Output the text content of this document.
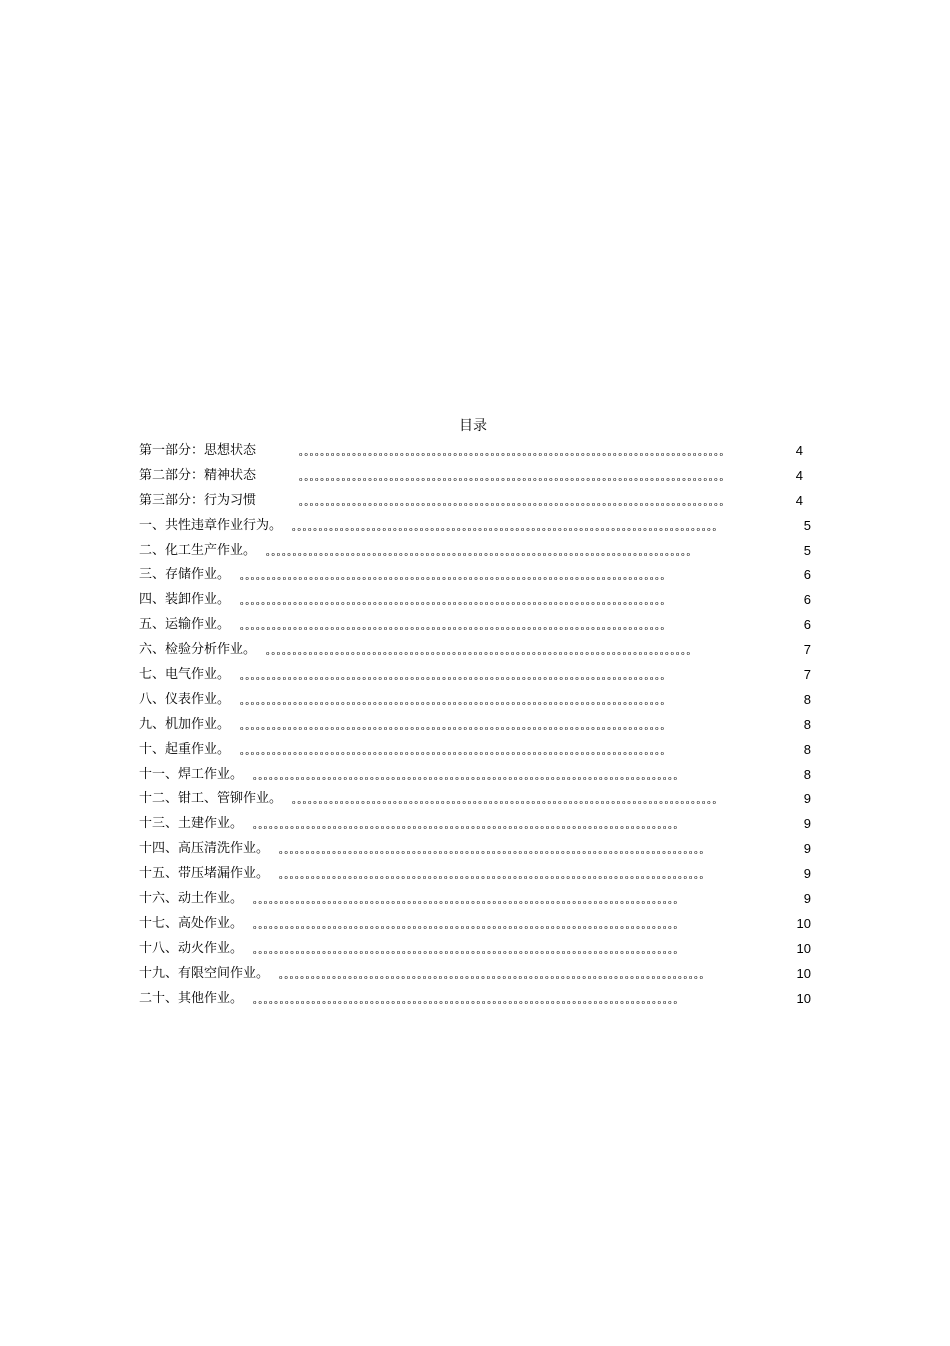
目录
第一部分：思想状态 ₒₒₒₒₒₒₒₒₒₒₒₒₒₒₒₒₒₒₒₒₒₒₒₒₒₒₒₒₒₒₒₒₒₒₒₒₒₒₒₒₒₒₒₒₒₒₒₒₒₒₒₒₒₒₒₒₒₒₒₒₒₒₒₒₒₒₒₒₒₒₒₒₒₒₒₒₒₒₒₒ	4
第二部分：精神状态 ₒₒₒₒₒₒₒₒₒₒₒₒₒₒₒₒₒₒₒₒₒₒₒₒₒₒₒₒₒₒₒₒₒₒₒₒₒₒₒₒₒₒₒₒₒₒₒₒₒₒₒₒₒₒₒₒₒₒₒₒₒₒₒₒₒₒₒₒₒₒₒₒₒₒₒₒₒₒₒₒ	4
第三部分：行为习惯 ₒₒₒₒₒₒₒₒₒₒₒₒₒₒₒₒₒₒₒₒₒₒₒₒₒₒₒₒₒₒₒₒₒₒₒₒₒₒₒₒₒₒₒₒₒₒₒₒₒₒₒₒₒₒₒₒₒₒₒₒₒₒₒₒₒₒₒₒₒₒₒₒₒₒₒₒₒₒₒₒ	4
一、共性违章作业行为。 ₒₒₒₒₒₒₒₒₒₒₒₒₒₒₒₒₒₒₒₒₒₒₒₒₒₒₒₒₒₒₒₒₒₒₒₒₒₒₒₒₒₒₒₒₒₒₒₒₒₒₒₒₒₒₒₒₒₒₒₒₒₒₒₒₒₒₒₒₒₒₒₒₒₒₒₒₒₒₒₒ	5
二、化工生产作业。 ₒₒₒₒₒₒₒₒₒₒₒₒₒₒₒₒₒₒₒₒₒₒₒₒₒₒₒₒₒₒₒₒₒₒₒₒₒₒₒₒₒₒₒₒₒₒₒₒₒₒₒₒₒₒₒₒₒₒₒₒₒₒₒₒₒₒₒₒₒₒₒₒₒₒₒₒₒₒₒₒ	5
三、存储作业。 ₒₒₒₒₒₒₒₒₒₒₒₒₒₒₒₒₒₒₒₒₒₒₒₒₒₒₒₒₒₒₒₒₒₒₒₒₒₒₒₒₒₒₒₒₒₒₒₒₒₒₒₒₒₒₒₒₒₒₒₒₒₒₒₒₒₒₒₒₒₒₒₒₒₒₒₒₒₒₒₒ	6
四、装卸作业。 ₒₒₒₒₒₒₒₒₒₒₒₒₒₒₒₒₒₒₒₒₒₒₒₒₒₒₒₒₒₒₒₒₒₒₒₒₒₒₒₒₒₒₒₒₒₒₒₒₒₒₒₒₒₒₒₒₒₒₒₒₒₒₒₒₒₒₒₒₒₒₒₒₒₒₒₒₒₒₒₒ	6
五、运输作业。 ₒₒₒₒₒₒₒₒₒₒₒₒₒₒₒₒₒₒₒₒₒₒₒₒₒₒₒₒₒₒₒₒₒₒₒₒₒₒₒₒₒₒₒₒₒₒₒₒₒₒₒₒₒₒₒₒₒₒₒₒₒₒₒₒₒₒₒₒₒₒₒₒₒₒₒₒₒₒₒₒ	6
六、检验分析作业。 ₒₒₒₒₒₒₒₒₒₒₒₒₒₒₒₒₒₒₒₒₒₒₒₒₒₒₒₒₒₒₒₒₒₒₒₒₒₒₒₒₒₒₒₒₒₒₒₒₒₒₒₒₒₒₒₒₒₒₒₒₒₒₒₒₒₒₒₒₒₒₒₒₒₒₒₒₒₒₒₒ	7
七、电气作业。 ₒₒₒₒₒₒₒₒₒₒₒₒₒₒₒₒₒₒₒₒₒₒₒₒₒₒₒₒₒₒₒₒₒₒₒₒₒₒₒₒₒₒₒₒₒₒₒₒₒₒₒₒₒₒₒₒₒₒₒₒₒₒₒₒₒₒₒₒₒₒₒₒₒₒₒₒₒₒₒₒ	7
八、仪表作业。 ₒₒₒₒₒₒₒₒₒₒₒₒₒₒₒₒₒₒₒₒₒₒₒₒₒₒₒₒₒₒₒₒₒₒₒₒₒₒₒₒₒₒₒₒₒₒₒₒₒₒₒₒₒₒₒₒₒₒₒₒₒₒₒₒₒₒₒₒₒₒₒₒₒₒₒₒₒₒₒₒ	8
九、机加作业。 ₒₒₒₒₒₒₒₒₒₒₒₒₒₒₒₒₒₒₒₒₒₒₒₒₒₒₒₒₒₒₒₒₒₒₒₒₒₒₒₒₒₒₒₒₒₒₒₒₒₒₒₒₒₒₒₒₒₒₒₒₒₒₒₒₒₒₒₒₒₒₒₒₒₒₒₒₒₒₒₒ	8
十、起重作业。 ₒₒₒₒₒₒₒₒₒₒₒₒₒₒₒₒₒₒₒₒₒₒₒₒₒₒₒₒₒₒₒₒₒₒₒₒₒₒₒₒₒₒₒₒₒₒₒₒₒₒₒₒₒₒₒₒₒₒₒₒₒₒₒₒₒₒₒₒₒₒₒₒₒₒₒₒₒₒₒₒ	8
十一、焊工作业。 ₒₒₒₒₒₒₒₒₒₒₒₒₒₒₒₒₒₒₒₒₒₒₒₒₒₒₒₒₒₒₒₒₒₒₒₒₒₒₒₒₒₒₒₒₒₒₒₒₒₒₒₒₒₒₒₒₒₒₒₒₒₒₒₒₒₒₒₒₒₒₒₒₒₒₒₒₒₒₒₒ	8
十二、钳工、管铆作业。 ₒₒₒₒₒₒₒₒₒₒₒₒₒₒₒₒₒₒₒₒₒₒₒₒₒₒₒₒₒₒₒₒₒₒₒₒₒₒₒₒₒₒₒₒₒₒₒₒₒₒₒₒₒₒₒₒₒₒₒₒₒₒₒₒₒₒₒₒₒₒₒₒₒₒₒₒₒₒₒₒ	9
十三、土建作业。 ₒₒₒₒₒₒₒₒₒₒₒₒₒₒₒₒₒₒₒₒₒₒₒₒₒₒₒₒₒₒₒₒₒₒₒₒₒₒₒₒₒₒₒₒₒₒₒₒₒₒₒₒₒₒₒₒₒₒₒₒₒₒₒₒₒₒₒₒₒₒₒₒₒₒₒₒₒₒₒₒ	9
十四、高压清洗作业。 ₒₒₒₒₒₒₒₒₒₒₒₒₒₒₒₒₒₒₒₒₒₒₒₒₒₒₒₒₒₒₒₒₒₒₒₒₒₒₒₒₒₒₒₒₒₒₒₒₒₒₒₒₒₒₒₒₒₒₒₒₒₒₒₒₒₒₒₒₒₒₒₒₒₒₒₒₒₒₒₒ	9
十五、带压堵漏作业。 ₒₒₒₒₒₒₒₒₒₒₒₒₒₒₒₒₒₒₒₒₒₒₒₒₒₒₒₒₒₒₒₒₒₒₒₒₒₒₒₒₒₒₒₒₒₒₒₒₒₒₒₒₒₒₒₒₒₒₒₒₒₒₒₒₒₒₒₒₒₒₒₒₒₒₒₒₒₒₒₒ	9
十六、动土作业。 ₒₒₒₒₒₒₒₒₒₒₒₒₒₒₒₒₒₒₒₒₒₒₒₒₒₒₒₒₒₒₒₒₒₒₒₒₒₒₒₒₒₒₒₒₒₒₒₒₒₒₒₒₒₒₒₒₒₒₒₒₒₒₒₒₒₒₒₒₒₒₒₒₒₒₒₒₒₒₒₒ	9
十七、高处作业。 ₒₒₒₒₒₒₒₒₒₒₒₒₒₒₒₒₒₒₒₒₒₒₒₒₒₒₒₒₒₒₒₒₒₒₒₒₒₒₒₒₒₒₒₒₒₒₒₒₒₒₒₒₒₒₒₒₒₒₒₒₒₒₒₒₒₒₒₒₒₒₒₒₒₒₒₒₒₒₒₒ	10
十八、动火作业。 ₒₒₒₒₒₒₒₒₒₒₒₒₒₒₒₒₒₒₒₒₒₒₒₒₒₒₒₒₒₒₒₒₒₒₒₒₒₒₒₒₒₒₒₒₒₒₒₒₒₒₒₒₒₒₒₒₒₒₒₒₒₒₒₒₒₒₒₒₒₒₒₒₒₒₒₒₒₒₒₒ	10
十九、有限空间作业。 ₒₒₒₒₒₒₒₒₒₒₒₒₒₒₒₒₒₒₒₒₒₒₒₒₒₒₒₒₒₒₒₒₒₒₒₒₒₒₒₒₒₒₒₒₒₒₒₒₒₒₒₒₒₒₒₒₒₒₒₒₒₒₒₒₒₒₒₒₒₒₒₒₒₒₒₒₒₒₒₒ	10
二十、其他作业。 ₒₒₒₒₒₒₒₒₒₒₒₒₒₒₒₒₒₒₒₒₒₒₒₒₒₒₒₒₒₒₒₒₒₒₒₒₒₒₒₒₒₒₒₒₒₒₒₒₒₒₒₒₒₒₒₒₒₒₒₒₒₒₒₒₒₒₒₒₒₒₒₒₒₒₒₒₒₒₒₒ	10
